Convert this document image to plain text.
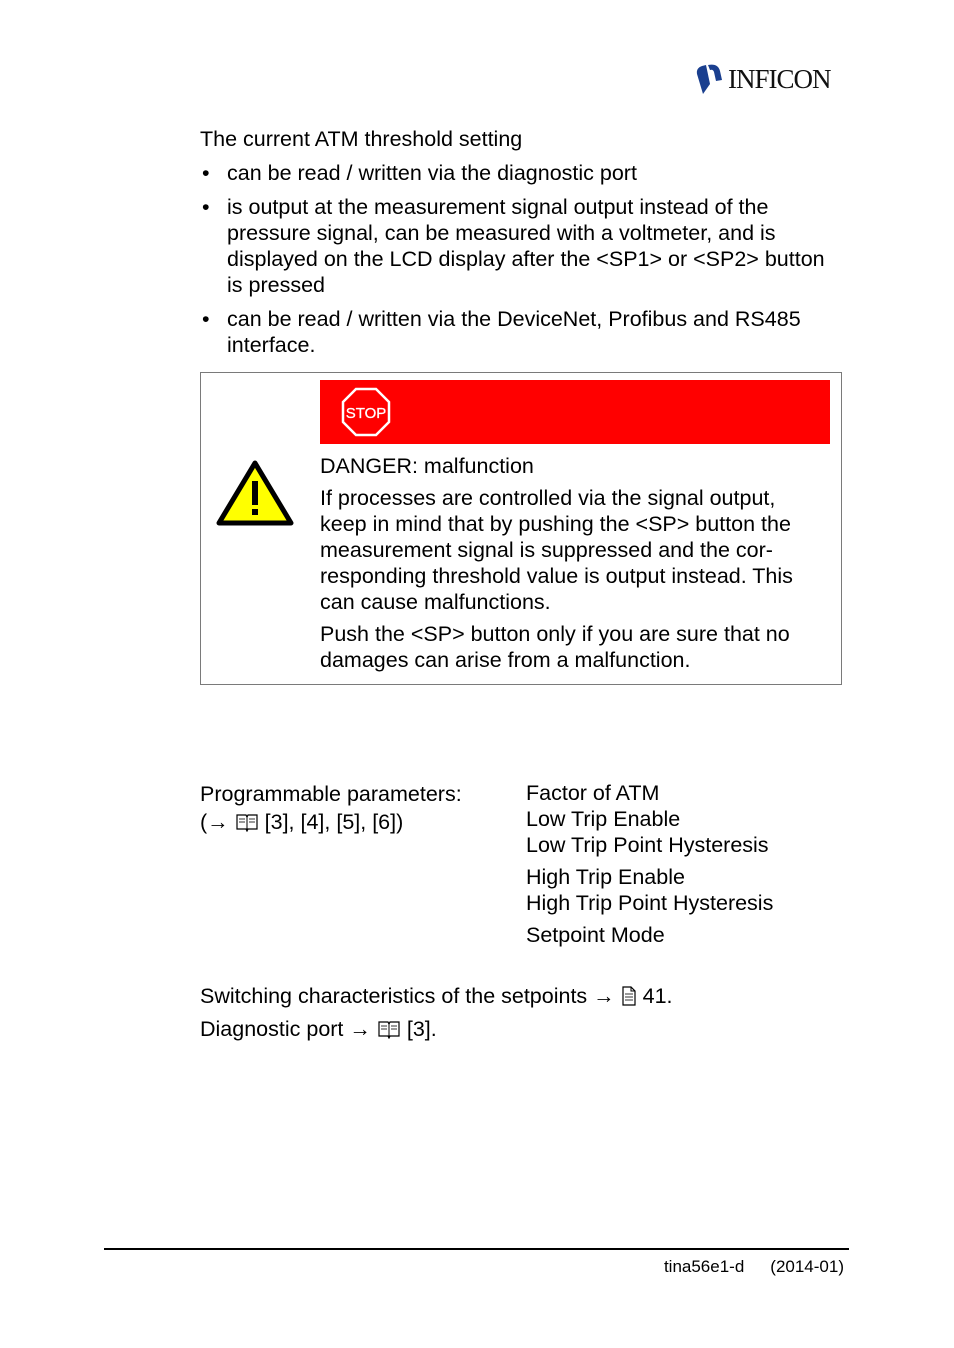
INFICON
The current ATM threshold setting
• can be read / written via the diagnostic port
• is output at the measurement signal output instead of the pressure signal, can be measured with a voltmeter, and is displayed on the LCD display after the <SP1> or <SP2> button is pressed
• can be read / written via the DeviceNet, Profibus and RS485 interface.
STOP

DANGER: malfunction

If processes are controlled via the signal output, keep in mind that by pushing the <SP> button the measurement signal is suppressed and the cor-responding threshold value is output instead. This can cause malfunctions.

Push the <SP> button only if you are sure that no damages can arise from a malfunction.

Programmable parameters:
(→ [3], [4], [5], [6])
Factor of ATM
Low Trip Enable
Low Trip Point Hysteresis
High Trip Enable
High Trip Point Hysteresis
Setpoint Mode
Switching characteristics of the setpoints → 41.
Diagnostic port → [3].
tina56e1-d (2014-01)
